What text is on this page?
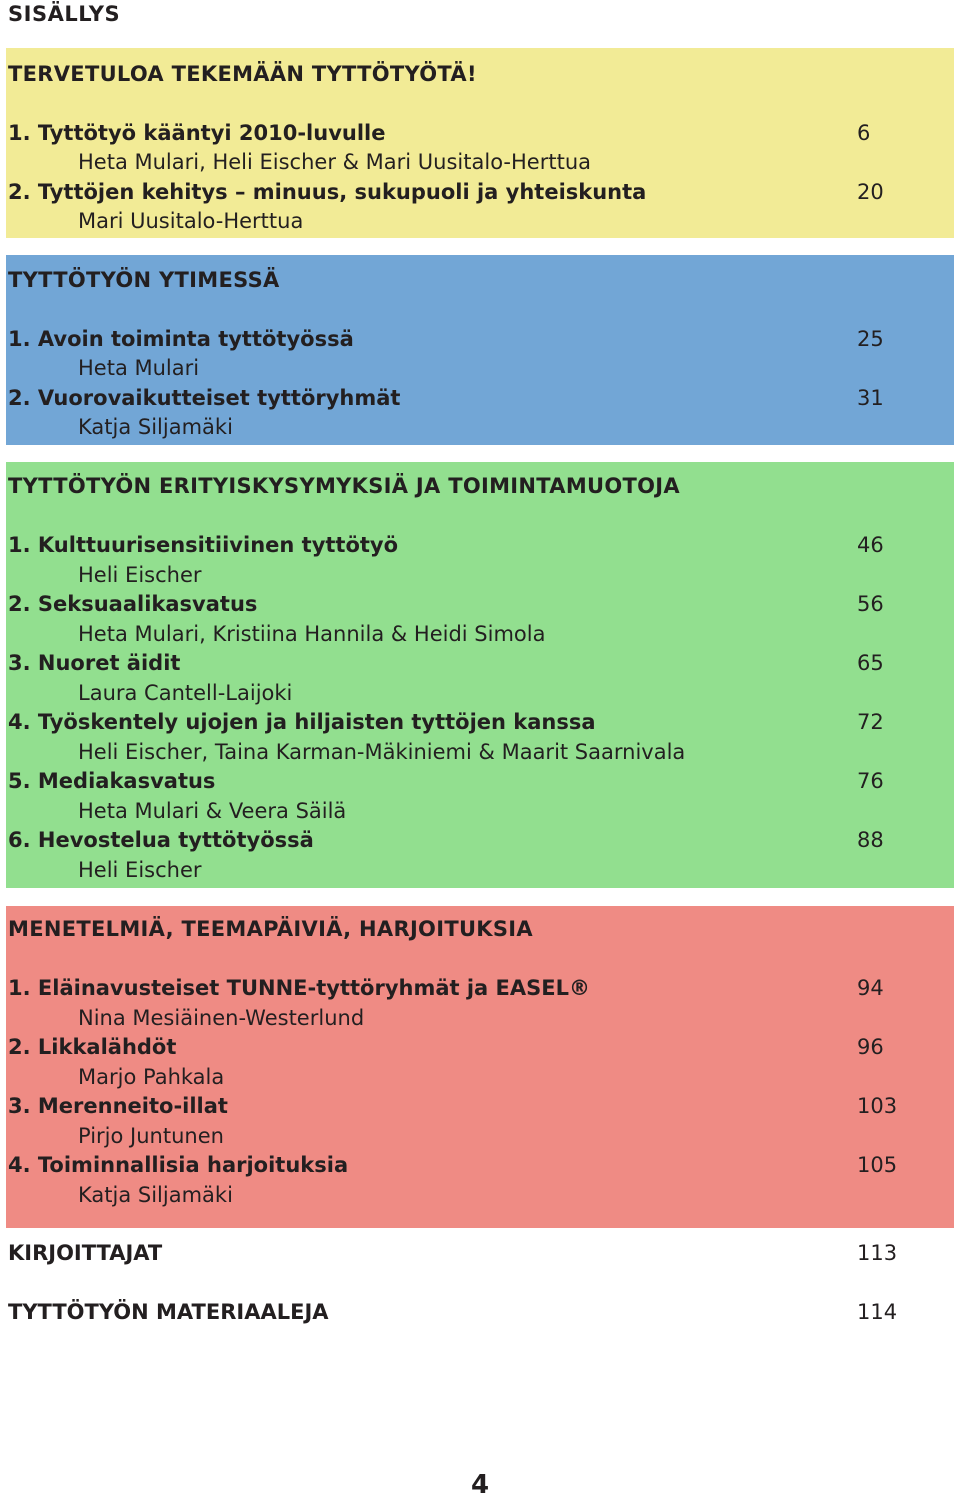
SISÄLLYS
TERVETULOA TEKEMÄÄN TYTTÖTYÖTÄ!
1. Tyttötyö kääntyi 2010-luvulle	6
Heta Mulari, Heli Eischer & Mari Uusitalo-Herttua
2. Tyttöjen kehitys – minuus, sukupuoli ja yhteiskunta	20
Mari Uusitalo-Herttua
TYTTÖTYÖN YTIMESSÄ
1. Avoin toiminta tyttötyössä	25
Heta Mulari
2. Vuorovaikutteiset tyttöryhmät	31
Katja Siljamäki
TYTTÖTYÖN ERITYISKYSYMYKSIÄ JA TOIMINTAMUOTOJA
1. Kulttuurisensitiivinen tyttötyö	46
Heli Eischer
2. Seksuaalikasvatus	56
Heta Mulari, Kristiina Hannila & Heidi Simola
3. Nuoret äidit	65
Laura Cantell-Laijoki
4. Työskentely ujojen ja hiljaisten tyttöjen kanssa	72
Heli Eischer, Taina Karman-Mäkiniemi & Maarit Saarnivala
5. Mediakasvatus	76
Heta Mulari & Veera Säilä
6. Hevostelua tyttötyössä	88
Heli Eischer
MENETELMIÄ, TEEMAPÄIVIÄ, HARJOITUKSIA
1. Eläinavusteiset TUNNE-tyttöryhmät ja EASEL®	94
Nina Mesiäinen-Westerlund
2. Likkalähdöt	96
Marjo Pahkala
3. Merenneito-illat	103
Pirjo Juntunen
4. Toiminnallisia harjoituksia	105
Katja Siljamäki
KIRJOITTAJAT	113
TYTTÖTYÖN MATERIAALEJA	114
4
